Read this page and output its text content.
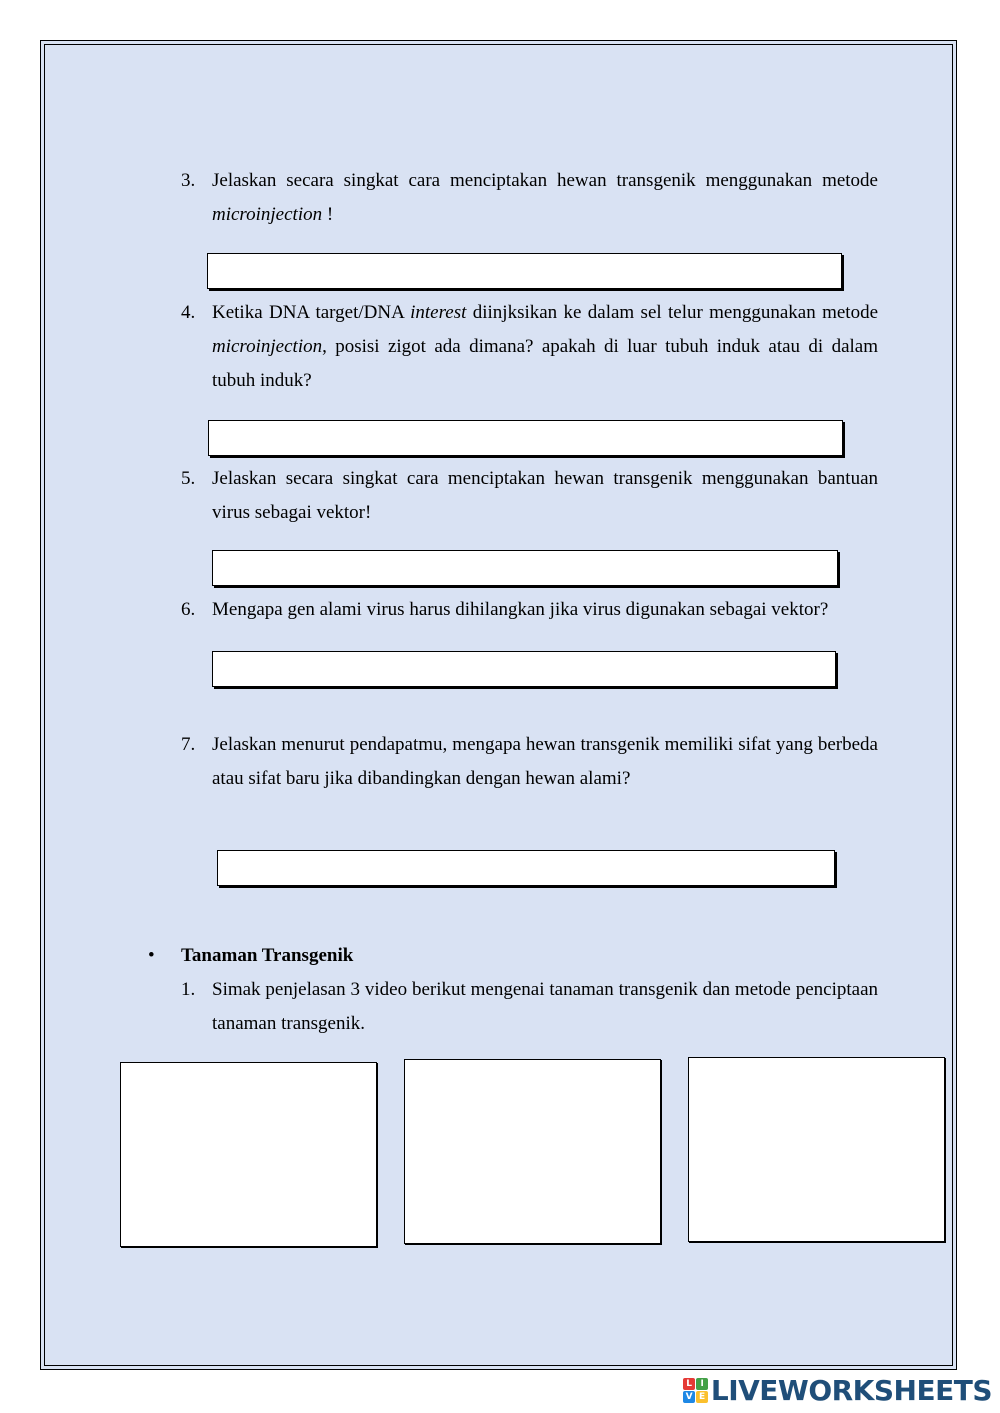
3. Jelaskan secara singkat cara menciptakan hewan transgenik menggunakan metode microinjection !
4. Ketika DNA target/DNA interest diinjksikan ke dalam sel telur menggunakan metode microinjection, posisi zigot ada dimana? apakah di luar tubuh induk atau di dalam tubuh induk?
5. Jelaskan secara singkat cara menciptakan hewan transgenik menggunakan bantuan virus sebagai vektor!
6. Mengapa gen alami virus harus dihilangkan jika virus digunakan sebagai vektor?
7. Jelaskan menurut pendapatmu, mengapa hewan transgenik memiliki sifat yang berbeda atau sifat baru jika dibandingkan dengan hewan alami?
• Tanaman Transgenik
1. Simak penjelasan 3 video berikut mengenai tanaman transgenik dan metode penciptaan tanaman transgenik.
L I
V E LIVEWORKSHEETS
